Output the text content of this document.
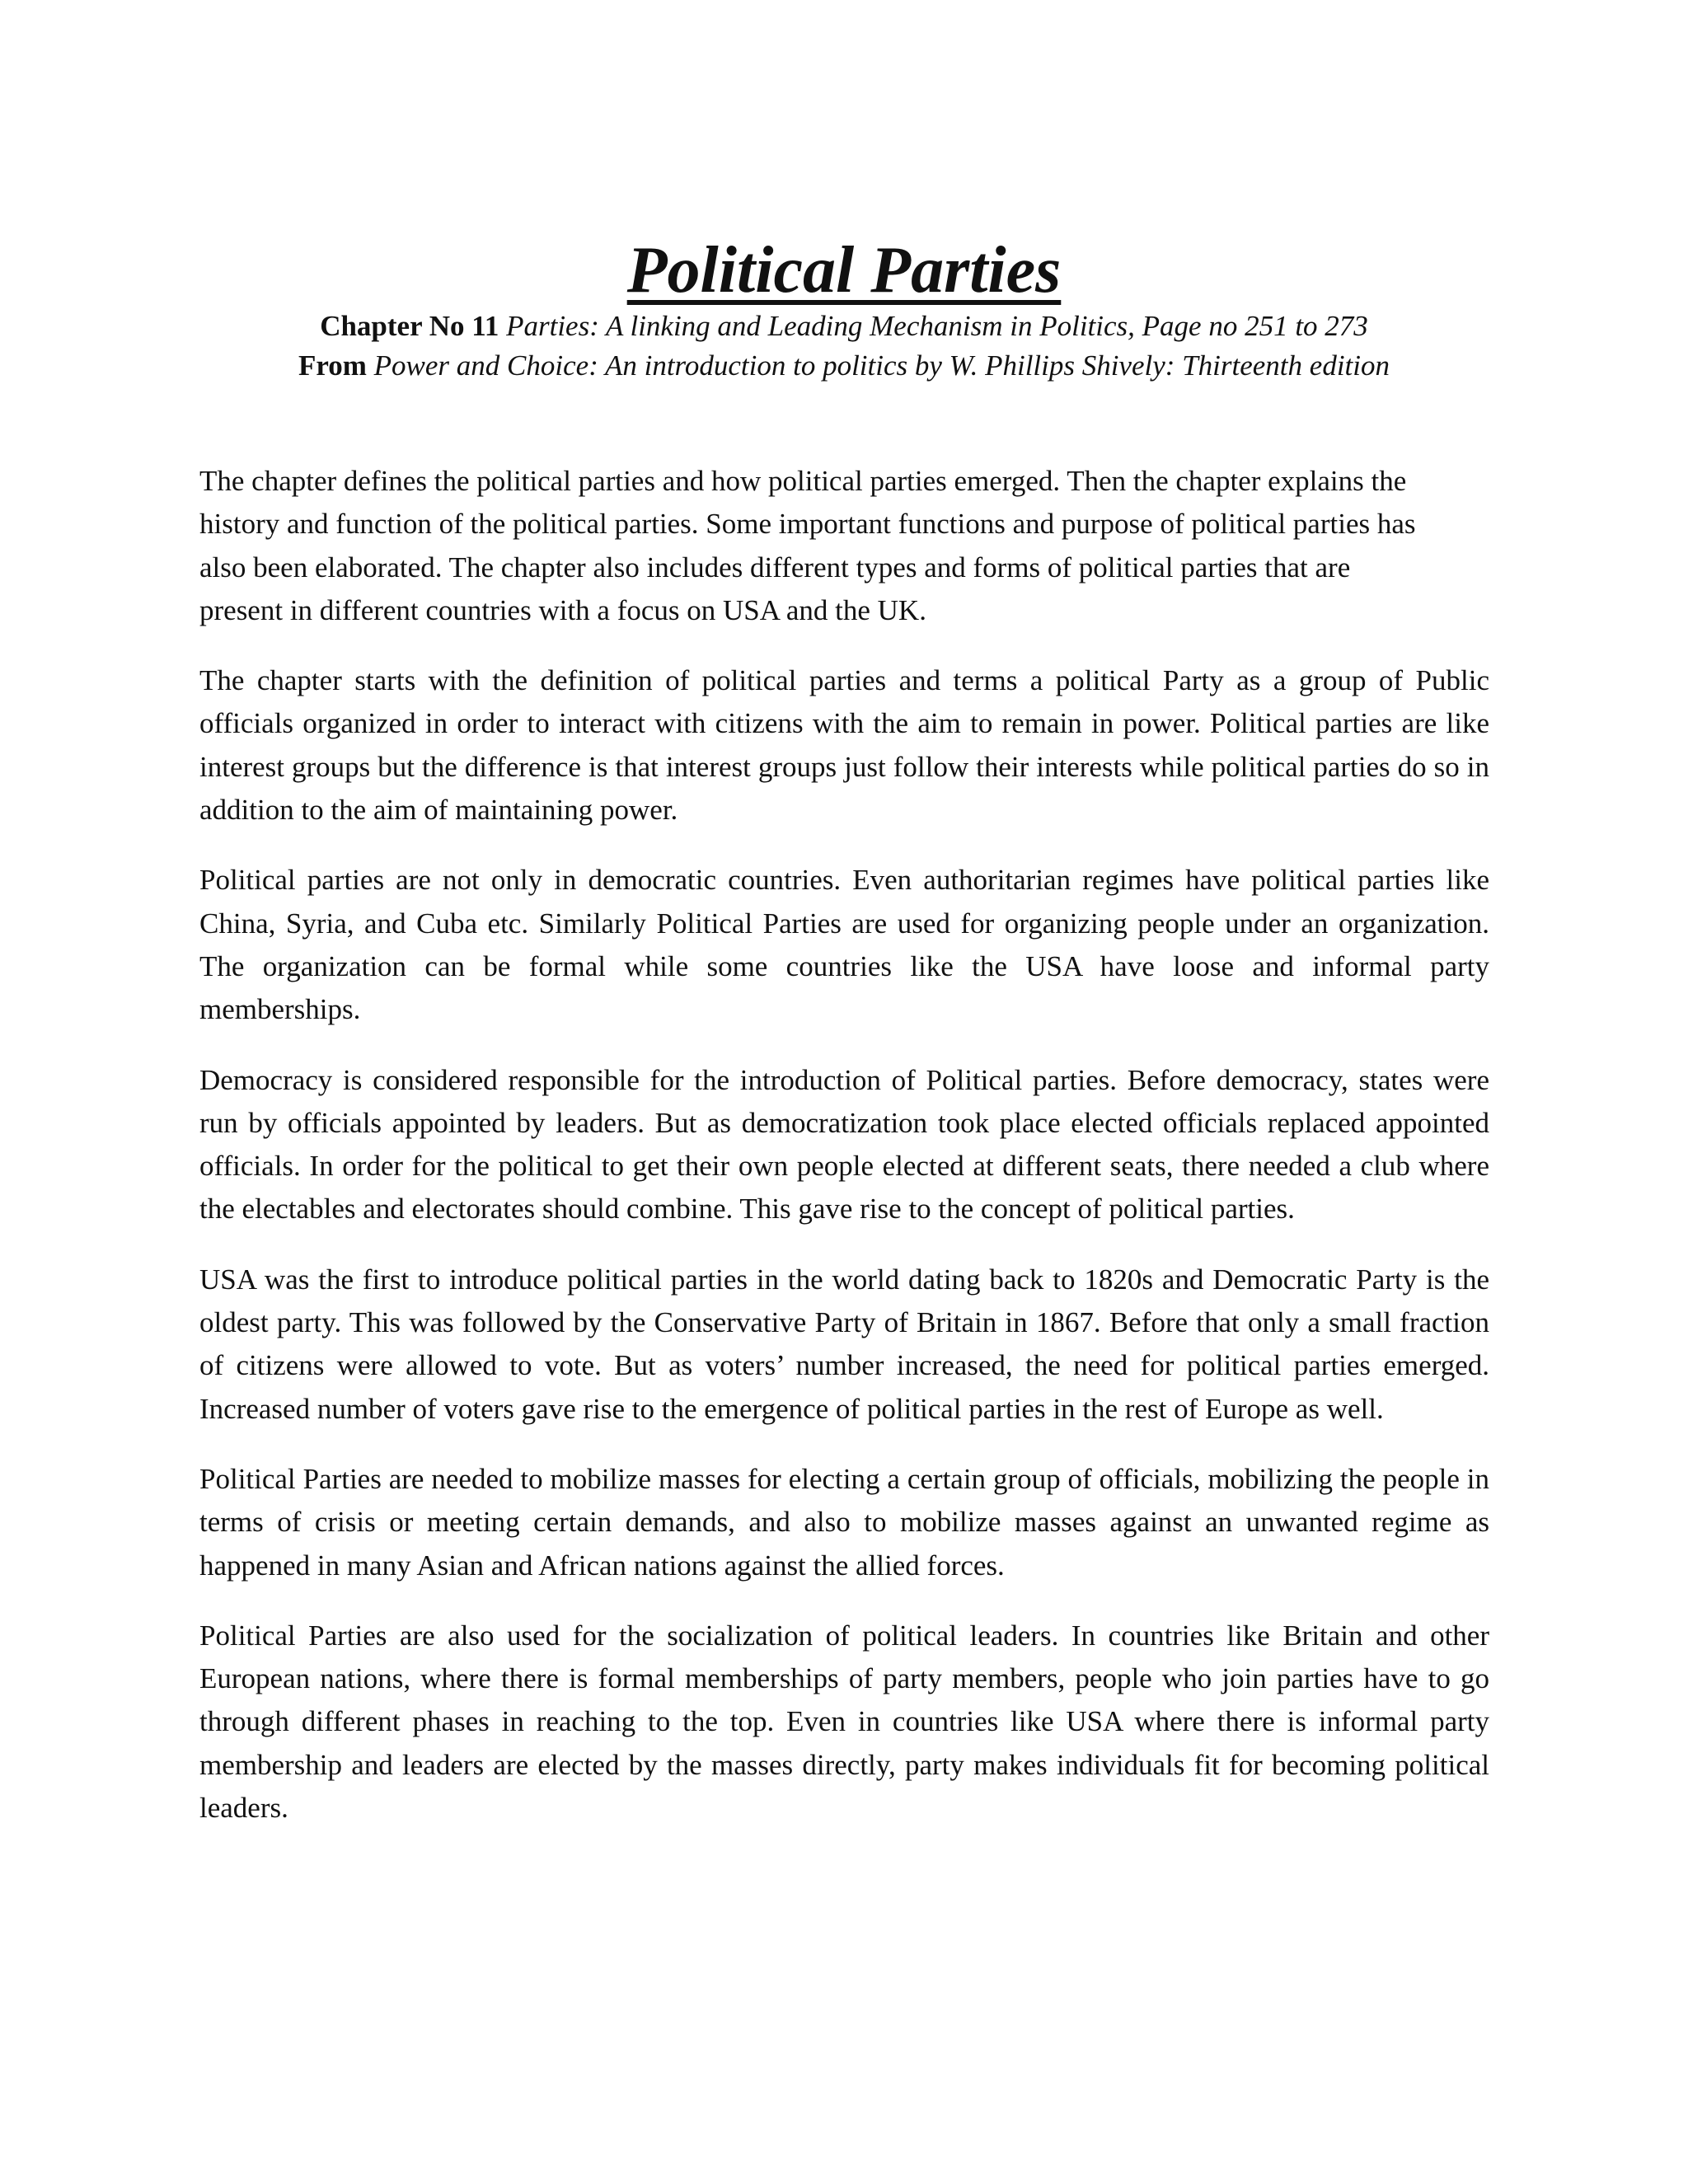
Political Parties
Chapter No 11 Parties: A linking and Leading Mechanism in Politics, Page no 251 to 273
From Power and Choice: An introduction to politics by W. Phillips Shively: Thirteenth edition

The chapter defines the political parties and how political parties emerged. Then the chapter explains the history and function of the political parties. Some important functions and purpose of political parties has also been elaborated. The chapter also includes different types and forms of political parties that are present in different countries with a focus on USA and the UK.

The chapter starts with the definition of political parties and terms a political Party as a group of Public officials organized in order to interact with citizens with the aim to remain in power. Political parties are like interest groups but the difference is that interest groups just follow their interests while political parties do so in addition to the aim of maintaining power.

Political parties are not only in democratic countries. Even authoritarian regimes have political parties like China, Syria, and Cuba etc. Similarly Political Parties are used for organizing people under an organization. The organization can be formal while some countries like the USA have loose and informal party memberships.

Democracy is considered responsible for the introduction of Political parties. Before democracy, states were run by officials appointed by leaders. But as democratization took place elected officials replaced appointed officials. In order for the political to get their own people elected at different seats, there needed a club where the electables and electorates should combine. This gave rise to the concept of political parties.

USA was the first to introduce political parties in the world dating back to 1820s and Democratic Party is the oldest party. This was followed by the Conservative Party of Britain in 1867. Before that only a small fraction of citizens were allowed to vote. But as voters’ number increased, the need for political parties emerged. Increased number of voters gave rise to the emergence of political parties in the rest of Europe as well.

Political Parties are needed to mobilize masses for electing a certain group of officials, mobilizing the people in terms of crisis or meeting certain demands, and also to mobilize masses against an unwanted regime as happened in many Asian and African nations against the allied forces.

Political Parties are also used for the socialization of political leaders. In countries like Britain and other European nations, where there is formal memberships of party members, people who join parties have to go through different phases in reaching to the top. Even in countries like USA where there is informal party membership and leaders are elected by the masses directly, party makes individuals fit for becoming political leaders.
